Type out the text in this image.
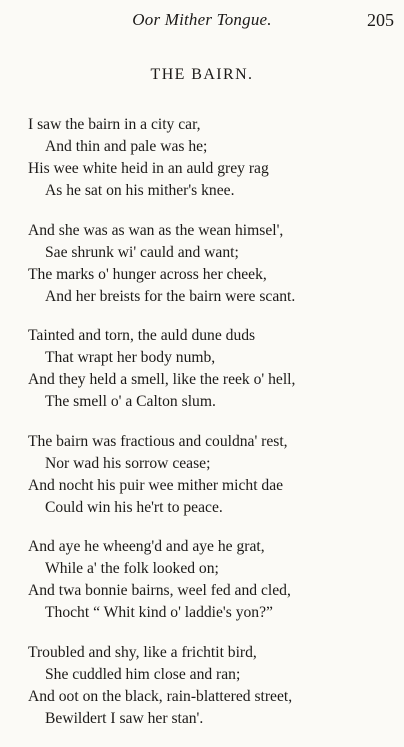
Oor Mither Tongue.	205
THE BAIRN.
I saw the bairn in a city car,
And thin and pale was he;
His wee white heid in an auld grey rag
As he sat on his mither's knee.
And she was as wan as the wean himsel',
Sae shrunk wi' cauld and want;
The marks o' hunger across her cheek,
And her breists for the bairn were scant.
Tainted and torn, the auld dune duds
That wrapt her body numb,
And they held a smell, like the reek o' hell,
The smell o' a Calton slum.
The bairn was fractious and couldna' rest,
Nor wad his sorrow cease;
And nocht his puir wee mither micht dae
Could win his he'rt to peace.
And aye he wheeng'd and aye he grat,
While a' the folk looked on;
And twa bonnie bairns, weel fed and cled,
Thocht “ Whit kind o' laddie's yon?”
Troubled and shy, like a frichtit bird,
She cuddled him close and ran;
And oot on the black, rain-blattered street,
Bewildert I saw her stan'.
